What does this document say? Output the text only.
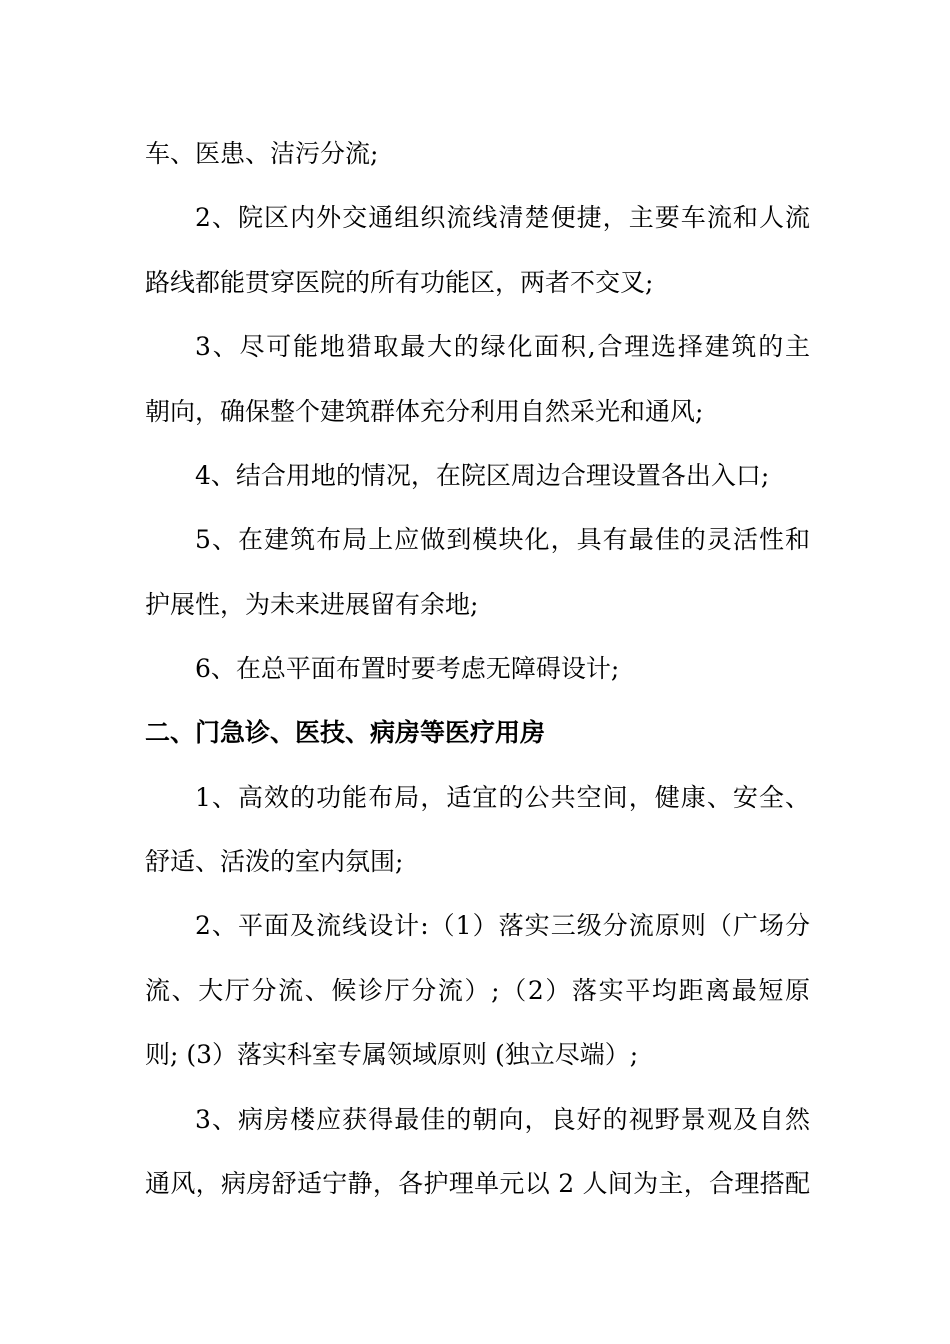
车、医患、洁污分流;
2、院区内外交通组织流线清楚便捷，主要车流和人流
路线都能贯穿医院的所有功能区，两者不交叉;
3、尽可能地猎取最大的绿化面积,合理选择建筑的主
朝向，确保整个建筑群体充分利用自然采光和通风;
4、结合用地的情况，在院区周边合理设置各出入口;
5、在建筑布局上应做到模块化，具有最佳的灵活性和
护展性，为未来进展留有余地;
6、在总平面布置时要考虑无障碍设计;
二、门急诊、医技、病房等医疗用房
1、高效的功能布局，适宜的公共空间，健康、安全、
舒适、活泼的室内氛围;
2、平面及流线设计:（1）落实三级分流原则（广场分
流、大厅分流、候诊厅分流）;（2）落实平均距离最短原
则; (3）落实科室专属领域原则 (独立尽端）;
3、病房楼应获得最佳的朝向，良好的视野景观及自然
通风，病房舒适宁静，各护理单元以 2 人间为主，合理搭配
